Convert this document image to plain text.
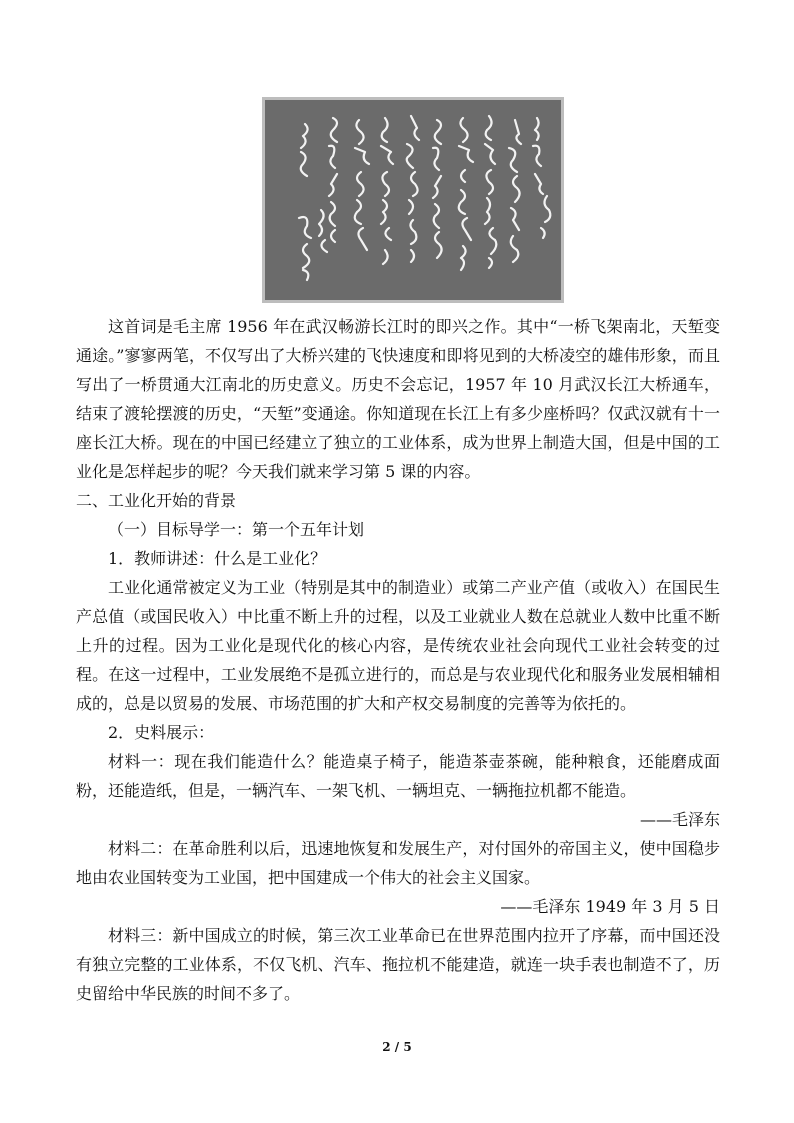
这首词是毛主席 1956 年在武汉畅游长江时的即兴之作。其中“一桥飞架南北，天堑变通途。”寥寥两笔，不仅写出了大桥兴建的飞快速度和即将见到的大桥凌空的雄伟形象，而且写出了一桥贯通大江南北的历史意义。历史不会忘记，1957 年 10 月武汉长江大桥通车，结束了渡轮摆渡的历史，“天堑”变通途。你知道现在长江上有多少座桥吗？仅武汉就有十一座长江大桥。现在的中国已经建立了独立的工业体系，成为世界上制造大国，但是中国的工业化是怎样起步的呢？今天我们就来学习第 5 课的内容。

二、工业化开始的背景

（一）目标导学一：第一个五年计划

1．教师讲述：什么是工业化？

工业化通常被定义为工业（特别是其中的制造业）或第二产业产值（或收入）在国民生产总值（或国民收入）中比重不断上升的过程，以及工业就业人数在总就业人数中比重不断上升的过程。因为工业化是现代化的核心内容，是传统农业社会向现代工业社会转变的过程。在这一过程中，工业发展绝不是孤立进行的，而总是与农业现代化和服务业发展相辅相成的，总是以贸易的发展、市场范围的扩大和产权交易制度的完善等为依托的。

2．史料展示：

材料一：现在我们能造什么？能造桌子椅子，能造茶壶茶碗，能种粮食，还能磨成面粉，还能造纸，但是，一辆汽车、一架飞机、一辆坦克、一辆拖拉机都不能造。

——毛泽东

材料二：在革命胜利以后，迅速地恢复和发展生产，对付国外的帝国主义，使中国稳步地由农业国转变为工业国，把中国建成一个伟大的社会主义国家。

——毛泽东 1949 年 3 月 5 日

材料三：新中国成立的时候，第三次工业革命已在世界范围内拉开了序幕，而中国还没有独立完整的工业体系，不仅飞机、汽车、拖拉机不能建造，就连一块手表也制造不了，历史留给中华民族的时间不多了。

2 / 5
